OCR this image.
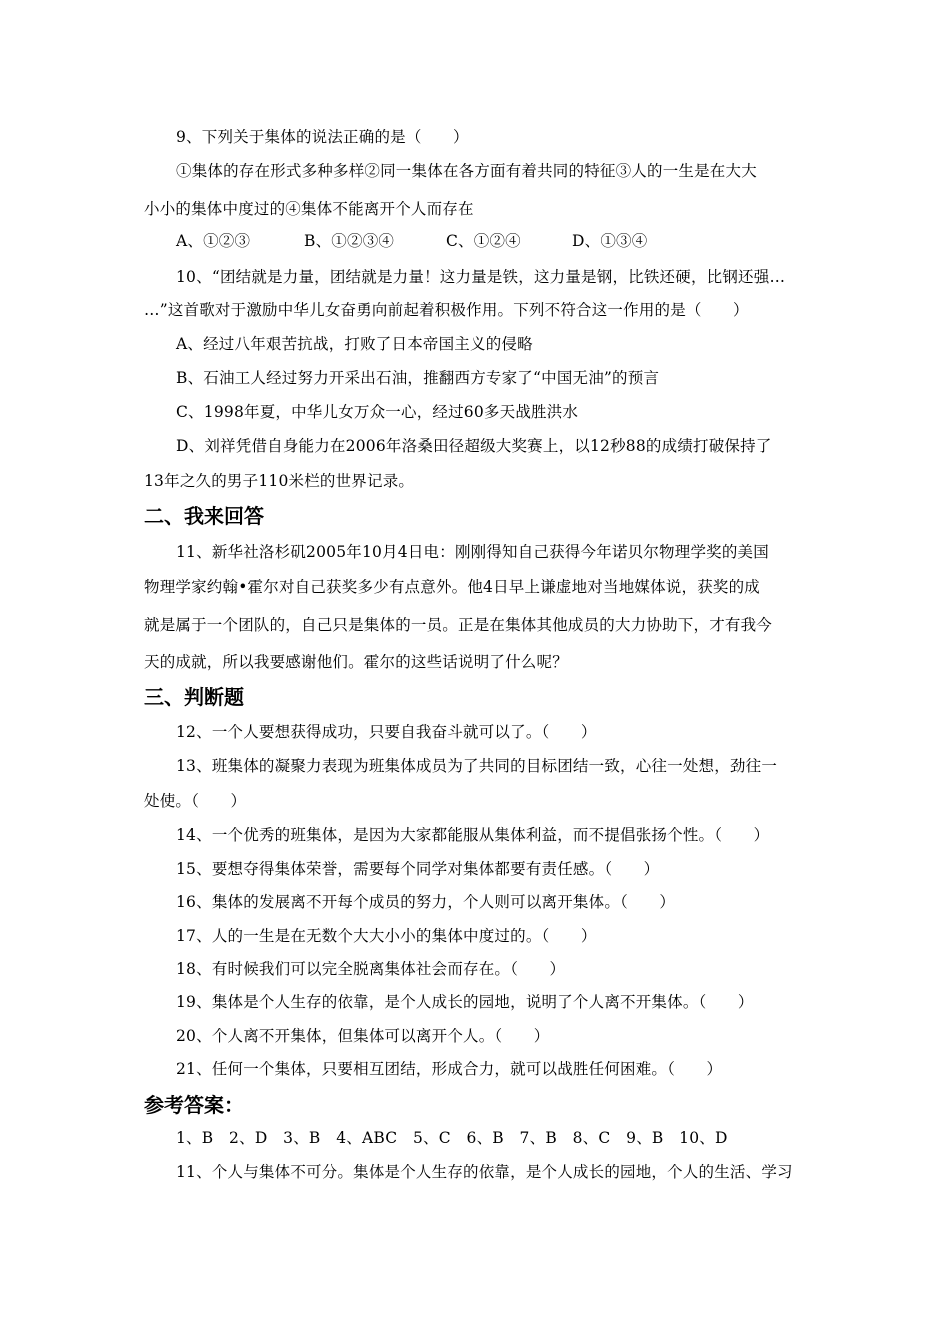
9、下列关于集体的说法正确的是（　　）
①集体的存在形式多种多样②同一集体在各方面有着共同的特征③人的一生是在大大
小小的集体中度过的④集体不能离开个人而存在
A、①②③	B、①②③④	C、①②④	D、①③④
10、“团结就是力量，团结就是力量！这力量是铁，这力量是钢，比铁还硬，比钢还强…
…”这首歌对于激励中华儿女奋勇向前起着积极作用。下列不符合这一作用的是（　　）
A、经过八年艰苦抗战，打败了日本帝国主义的侵略
B、石油工人经过努力开采出石油，推翻西方专家了“中国无油”的预言
C、1998年夏，中华儿女万众一心，经过60多天战胜洪水
D、刘祥凭借自身能力在2006年洛桑田径超级大奖赛上，以12秒88的成绩打破保持了
13年之久的男子110米栏的世界记录。
二、我来回答
11、新华社洛杉矶2005年10月4日电：刚刚得知自己获得今年诺贝尔物理学奖的美国
物理学家约翰•霍尔对自己获奖多少有点意外。他4日早上谦虚地对当地媒体说，获奖的成
就是属于一个团队的，自己只是集体的一员。正是在集体其他成员的大力协助下，才有我今
天的成就，所以我要感谢他们。霍尔的这些话说明了什么呢？
三、判断题
12、一个人要想获得成功，只要自我奋斗就可以了。（　　）
13、班集体的凝聚力表现为班集体成员为了共同的目标团结一致，心往一处想，劲往一
处使。（　　）
14、一个优秀的班集体，是因为大家都能服从集体利益，而不提倡张扬个性。（　　）
15、要想夺得集体荣誉，需要每个同学对集体都要有责任感。（　　）
16、集体的发展离不开每个成员的努力，个人则可以离开集体。（　　）
17、人的一生是在无数个大大小小的集体中度过的。（　　）
18、有时候我们可以完全脱离集体社会而存在。（　　）
19、集体是个人生存的依靠，是个人成长的园地，说明了个人离不开集体。（　　）
20、个人离不开集体，但集体可以离开个人。（　　）
21、任何一个集体，只要相互团结，形成合力，就可以战胜任何困难。（　　）
参考答案：
1、B　2、D　3、B　4、ABC　5、C　6、B　7、B　8、C　9、B　10、D
11、个人与集体不可分。集体是个人生存的依靠，是个人成长的园地，个人的生活、学习
